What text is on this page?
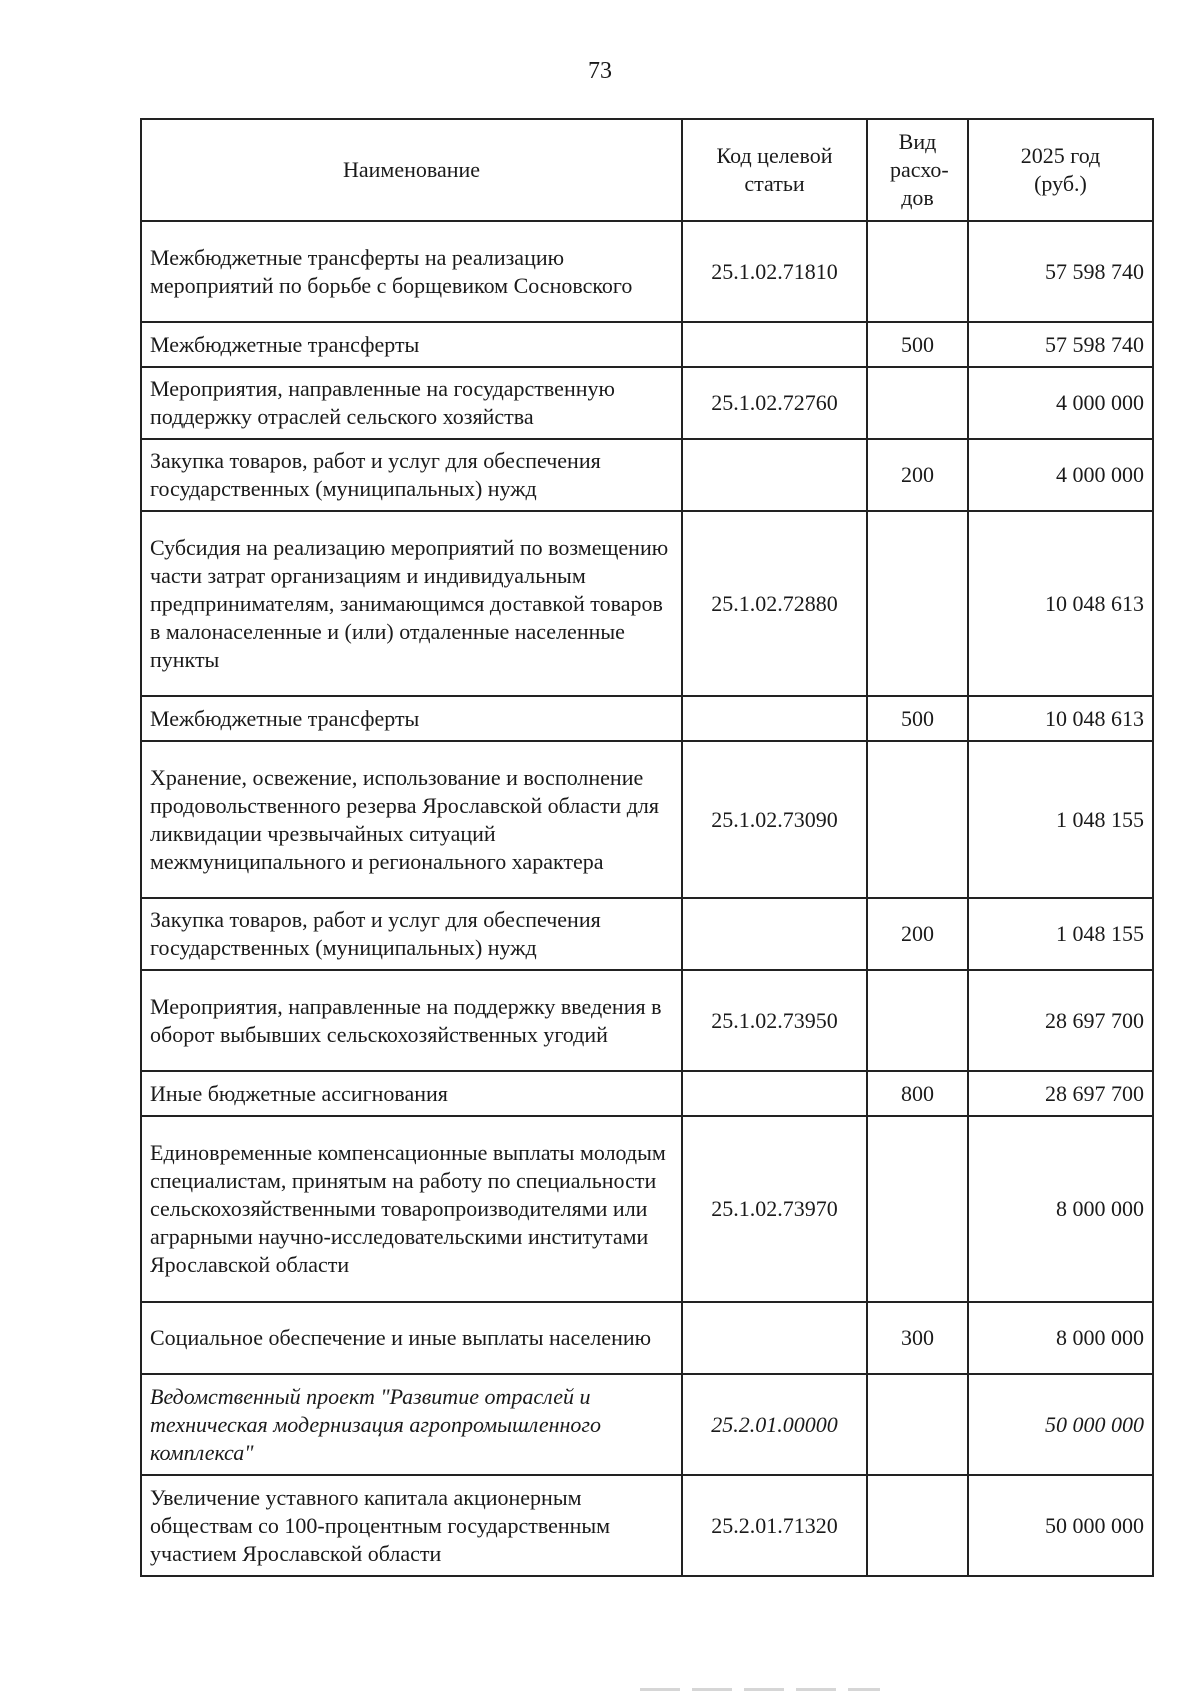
73
Наименование	Код целевой статьи	Вид расхо-дов	2025 год (руб.)
Межбюджетные трансферты на реализацию мероприятий по борьбе с борщевиком Сосновского	25.1.02.71810		57 598 740
Межбюджетные трансферты		500	57 598 740
Мероприятия, направленные на государственную поддержку отраслей сельского хозяйства	25.1.02.72760		4 000 000
Закупка товаров, работ и услуг для обеспечения государственных (муниципальных) нужд		200	4 000 000
Субсидия на реализацию мероприятий по возмещению части затрат организациям и индивидуальным предпринимателям, занимающимся доставкой товаров в малонаселенные и (или) отдаленные населенные пункты	25.1.02.72880		10 048 613
Межбюджетные трансферты		500	10 048 613
Хранение, освежение, использование и восполнение продовольственного резерва Ярославской области для ликвидации чрезвычайных ситуаций межмуниципального и регионального характера	25.1.02.73090		1 048 155
Закупка товаров, работ и услуг для обеспечения государственных (муниципальных) нужд		200	1 048 155
Мероприятия, направленные на поддержку введения в оборот выбывших сельскохозяйственных угодий	25.1.02.73950		28 697 700
Иные бюджетные ассигнования		800	28 697 700
Единовременные компенсационные выплаты молодым специалистам, принятым на работу по специальности сельскохозяйственными товаропроизводителями или аграрными научно-исследовательскими институтами Ярославской области	25.1.02.73970		8 000 000
Социальное обеспечение и иные выплаты населению		300	8 000 000
Ведомственный проект "Развитие отраслей и техническая модернизация агропромышленного комплекса"	25.2.01.00000		50 000 000
Увеличение уставного капитала акционерным обществам со 100-процентным государственным участием Ярославской области	25.2.01.71320		50 000 000
